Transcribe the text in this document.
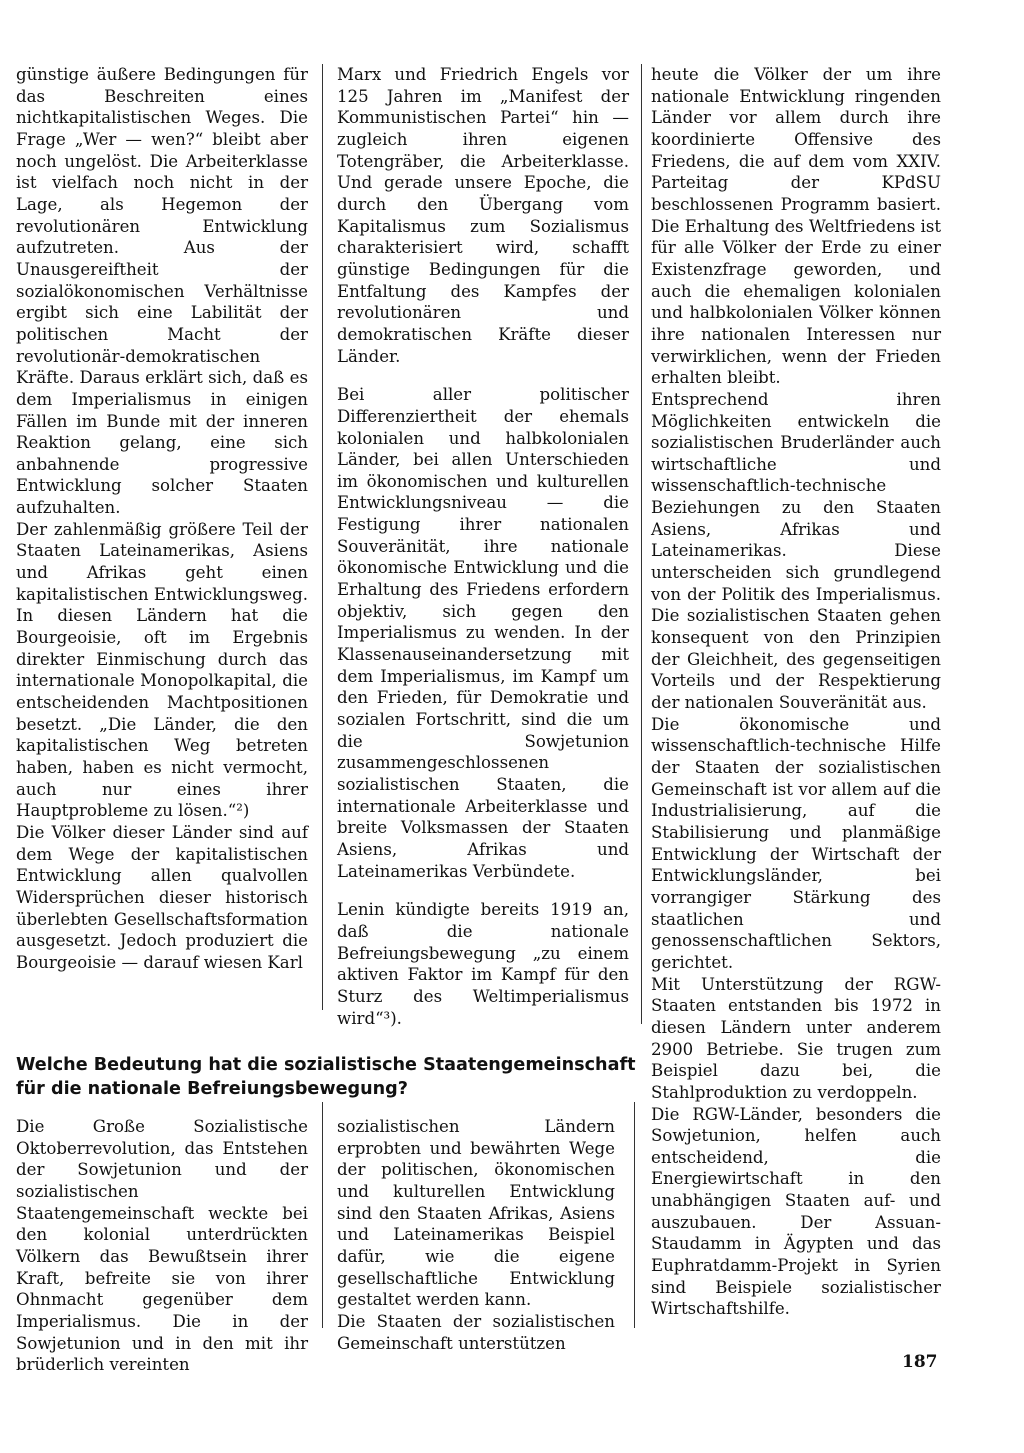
günstige äußere Bedingungen für das Beschreiten eines nichtkapitalistischen Weges. Die Frage „Wer — wen?“ bleibt aber noch ungelöst. Die Arbeiterklasse ist vielfach noch nicht in der Lage, als Hegemon der revolutionären Entwicklung aufzutreten. Aus der Unausgereiftheit der sozialökonomischen Verhältnisse ergibt sich eine Labilität der politischen Macht der revolutionär-demokratischen Kräfte. Daraus erklärt sich, daß es dem Imperialismus in einigen Fällen im Bunde mit der inneren Reaktion gelang, eine sich anbahnende progressive Entwicklung solcher Staaten aufzuhalten.

Der zahlenmäßig größere Teil der Staaten Lateinamerikas, Asiens und Afrikas geht einen kapitalistischen Entwicklungsweg. In diesen Ländern hat die Bourgeoisie, oft im Ergebnis direkter Einmischung durch das internationale Monopolkapital, die entscheidenden Machtpositionen besetzt. „Die Länder, die den kapitalistischen Weg betreten haben, haben es nicht vermocht, auch nur eines ihrer Hauptprobleme zu lösen.“²)

Die Völker dieser Länder sind auf dem Wege der kapitalistischen Entwicklung allen qualvollen Widersprüchen dieser historisch überlebten Gesellschaftsformation ausgesetzt. Jedoch produziert die Bourgeoisie — darauf wiesen Karl

Marx und Friedrich Engels vor 125 Jahren im „Manifest der Kommunistischen Partei“ hin — zugleich ihren eigenen Totengräber, die Arbeiterklasse. Und gerade unsere Epoche, die durch den Übergang vom Kapitalismus zum Sozialismus charakterisiert wird, schafft günstige Bedingungen für die Entfaltung des Kampfes der revolutionären und demokratischen Kräfte dieser Länder.

Bei aller politischer Differenziertheit der ehemals kolonialen und halbkolonialen Länder, bei allen Unterschieden im ökonomischen und kulturellen Entwicklungsniveau — die Festigung ihrer nationalen Souveränität, ihre nationale ökonomische Entwicklung und die Erhaltung des Friedens erfordern objektiv, sich gegen den Imperialismus zu wenden. In der Klassenauseinandersetzung mit dem Imperialismus, im Kampf um den Frieden, für Demokratie und sozialen Fortschritt, sind die um die Sowjetunion zusammengeschlossenen sozialistischen Staaten, die internationale Arbeiterklasse und breite Volksmassen der Staaten Asiens, Afrikas und Lateinamerikas Verbündete.

Lenin kündigte bereits 1919 an, daß die nationale Befreiungsbewegung „zu einem aktiven Faktor im Kampf für den Sturz des Weltimperialismus wird“³).

heute die Völker der um ihre nationale Entwicklung ringenden Länder vor allem durch ihre koordinierte Offensive des Friedens, die auf dem vom XXIV. Parteitag der KPdSU beschlossenen Programm basiert. Die Erhaltung des Weltfriedens ist für alle Völker der Erde zu einer Existenzfrage geworden, und auch die ehemaligen kolonialen und halbkolonialen Völker können ihre nationalen Interessen nur verwirklichen, wenn der Frieden erhalten bleibt.

Entsprechend ihren Möglichkeiten entwickeln die sozialistischen Bruderländer auch wirtschaftliche und wissenschaftlich-technische Beziehungen zu den Staaten Asiens, Afrikas und Lateinamerikas. Diese unterscheiden sich grundlegend von der Politik des Imperialismus. Die sozialistischen Staaten gehen konsequent von den Prinzipien der Gleichheit, des gegenseitigen Vorteils und der Respektierung der nationalen Souveränität aus.

Die ökonomische und wissenschaftlich-technische Hilfe der Staaten der sozialistischen Gemeinschaft ist vor allem auf die Industrialisierung, auf die Stabilisierung und planmäßige Entwicklung der Wirtschaft der Entwicklungsländer, bei vorrangiger Stärkung des staatlichen und genossenschaftlichen Sektors, gerichtet.

Mit Unterstützung der RGW-Staaten entstanden bis 1972 in diesen Ländern unter anderem 2900 Betriebe. Sie trugen zum Beispiel dazu bei, die Stahlproduktion zu verdoppeln.

Die RGW-Länder, besonders die Sowjetunion, helfen auch entscheidend, die Energiewirtschaft in den unabhängigen Staaten auf- und auszubauen. Der Assuan-Staudamm in Ägypten und das Euphratdamm-Projekt in Syrien sind Beispiele sozialistischer Wirtschaftshilfe.

Welche Bedeutung hat die sozialistische Staatengemeinschaft
für die nationale Befreiungsbewegung?

Die Große Sozialistische Oktoberrevolution, das Entstehen der Sowjetunion und der sozialistischen Staatengemeinschaft weckte bei den kolonial unterdrückten Völkern das Bewußtsein ihrer Kraft, befreite sie von ihrer Ohnmacht gegenüber dem Imperialismus. Die in der Sowjetunion und in den mit ihr brüderlich vereinten

sozialistischen Ländern erprobten und bewährten Wege der politischen, ökonomischen und kulturellen Entwicklung sind den Staaten Afrikas, Asiens und Lateinamerikas Beispiel dafür, wie die eigene gesellschaftliche Entwicklung gestaltet werden kann.

Die Staaten der sozialistischen Gemeinschaft unterstützen

187
